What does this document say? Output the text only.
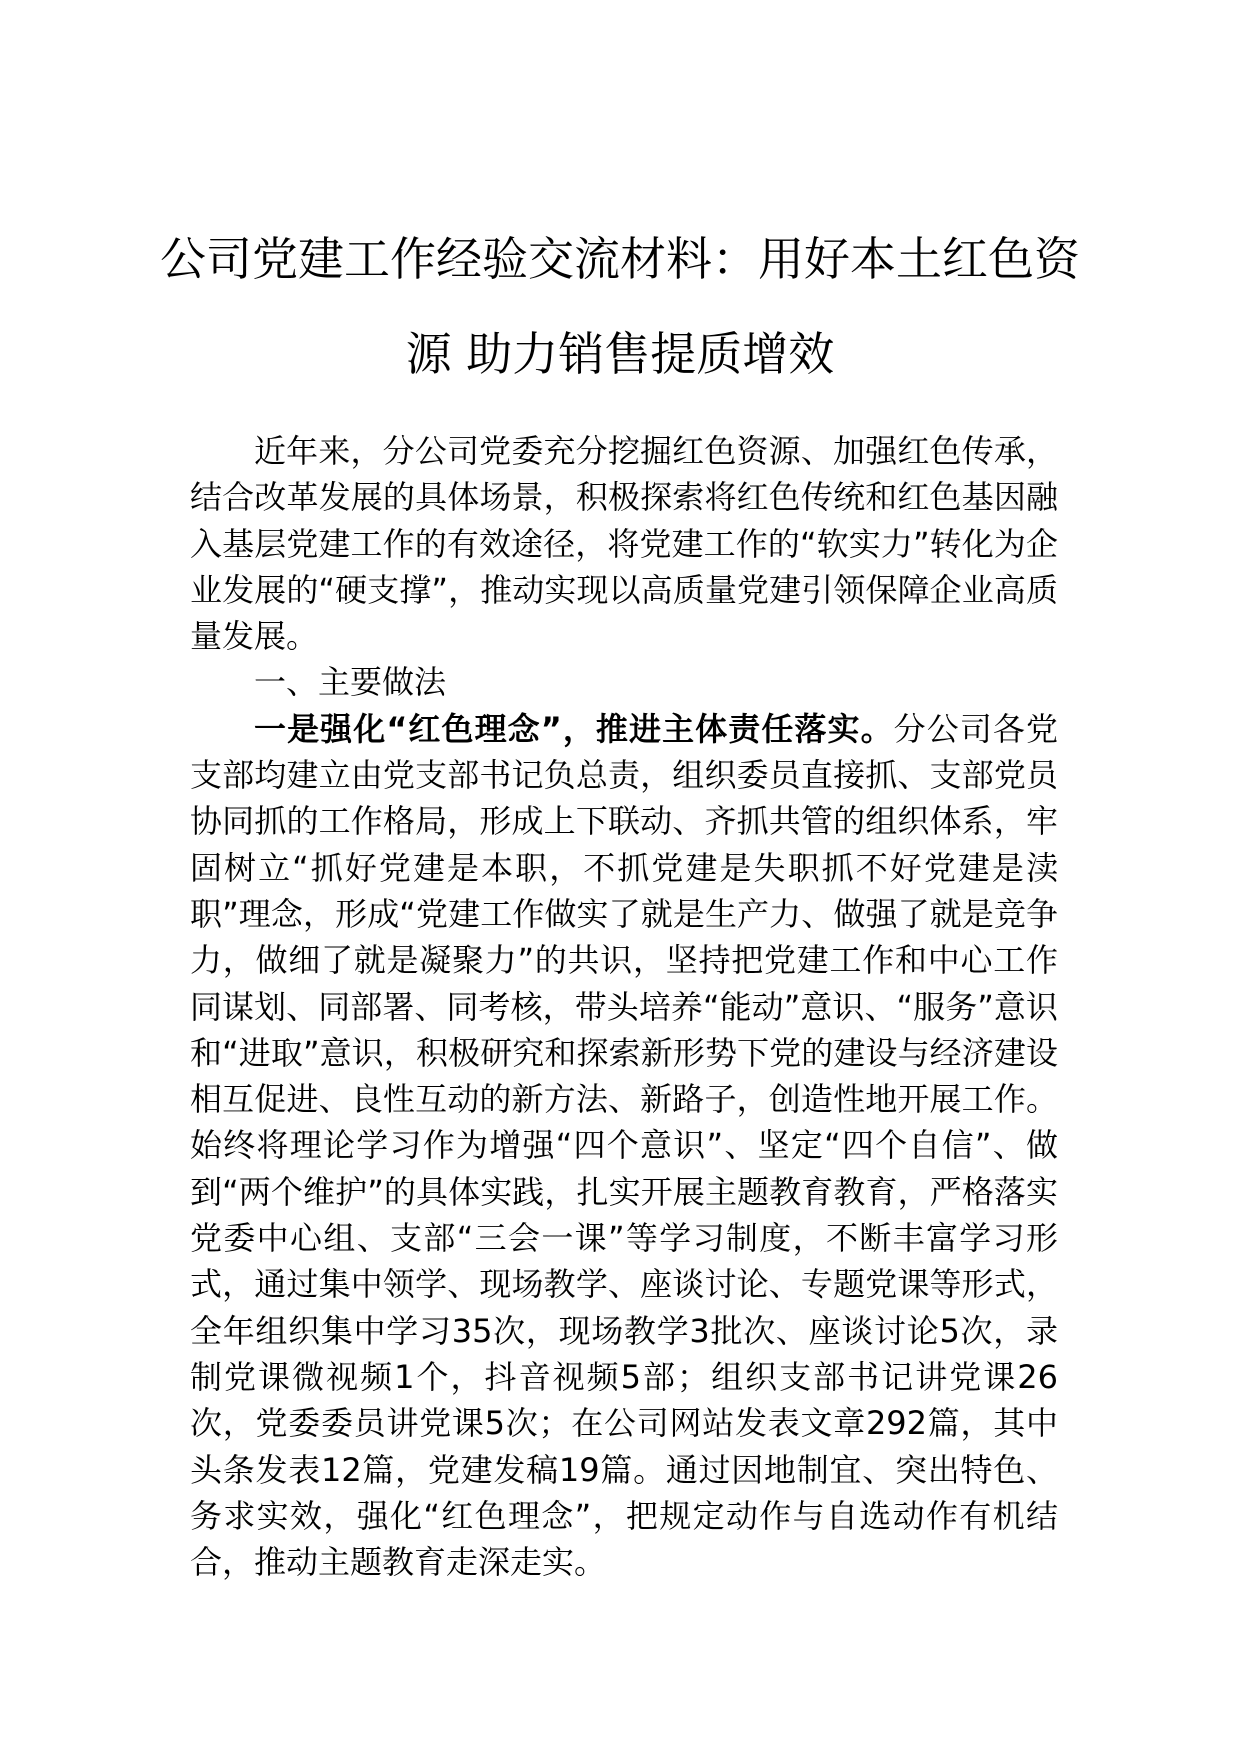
公司党建工作经验交流材料：用好本土红色资源 助力销售提质增效

近年来，分公司党委充分挖掘红色资源、加强红色传承，结合改革发展的具体场景，积极探索将红色传统和红色基因融入基层党建工作的有效途径，将党建工作的“软实力”转化为企业发展的“硬支撑”，推动实现以高质量党建引领保障企业高质量发展。

一、主要做法

一是强化“红色理念”，推进主体责任落实。分公司各党支部均建立由党支部书记负总责，组织委员直接抓、支部党员协同抓的工作格局，形成上下联动、齐抓共管的组织体系，牢固树立“抓好党建是本职，不抓党建是失职抓不好党建是渎职”理念，形成“党建工作做实了就是生产力、做强了就是竞争力，做细了就是凝聚力”的共识，坚持把党建工作和中心工作同谋划、同部署、同考核，带头培养“能动”意识、“服务”意识和“进取”意识，积极研究和探索新形势下党的建设与经济建设相互促进、良性互动的新方法、新路子，创造性地开展工作。始终将理论学习作为增强“四个意识”、坚定“四个自信”、做到“两个维护”的具体实践，扎实开展主题教育教育，严格落实党委中心组、支部“三会一课”等学习制度，不断丰富学习形式，通过集中领学、现场教学、座谈讨论、专题党课等形式，全年组织集中学习35次，现场教学3批次、座谈讨论5次，录制党课微视频1个，抖音视频5部；组织支部书记讲党课26次，党委委员讲党课5次；在公司网站发表文章292篇，其中头条发表12篇，党建发稿19篇。通过因地制宜、突出特色、务求实效，强化“红色理念”，把规定动作与自选动作有机结合，推动主题教育走深走实。
